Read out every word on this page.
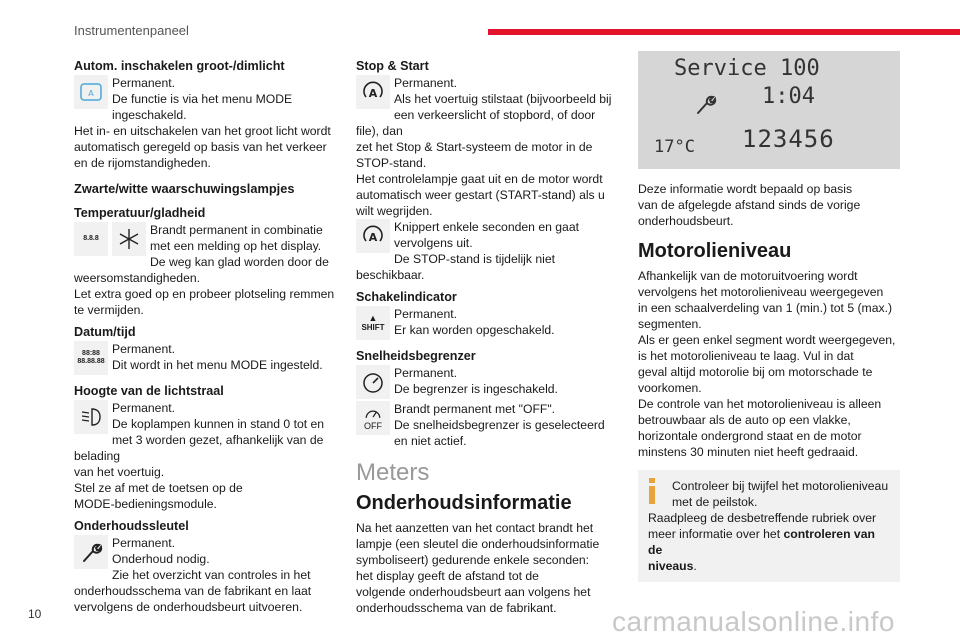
Instrumentenpaneel
Autom. inschakelen groot-/dimlicht
A
Permanent.
De functie is via het menu MODE
ingeschakeld.
Het in- en uitschakelen van het groot licht wordt
automatisch geregeld op basis van het verkeer
en de rijomstandigheden.
Zwarte/witte waarschuwingslampjes
Temperatuur/gladheid
8.8.8
Brandt permanent in combinatie
met een melding op het display.
De weg kan glad worden door de
weersomstandigheden.
Let extra goed op en probeer plotseling remmen
te vermijden.
Datum/tijd
88:88
88.88.88
Permanent.
Dit wordt in het menu MODE ingesteld.
Hoogte van de lichtstraal
Permanent.
De koplampen kunnen in stand 0 tot en
met 3 worden gezet, afhankelijk van de belading
van het voertuig.
Stel ze af met de toetsen op de
MODE-bedieningsmodule.
Onderhoudssleutel
Permanent.
Onderhoud nodig.
Zie het overzicht van controles in het
onderhoudsschema van de fabrikant en laat
vervolgens de onderhoudsbeurt uitvoeren.
Stop & Start
A
Permanent.
Als het voertuig stilstaat (bijvoorbeeld bij
een verkeerslicht of stopbord, of door file), dan
zet het Stop & Start-systeem de motor in de
STOP-stand.
Het controlelampje gaat uit en de motor wordt
automatisch weer gestart (START-stand) als u
wilt wegrijden.
A
Knippert enkele seconden en gaat
vervolgens uit.
De STOP-stand is tijdelijk niet beschikbaar.
Schakelindicator
▲
SHIFT
Permanent.
Er kan worden opgeschakeld.
Snelheidsbegrenzer
Permanent.
De begrenzer is ingeschakeld.
OFF
Brandt permanent met "OFF".
De snelheidsbegrenzer is geselecteerd
en niet actief.
Meters
Onderhoudsinformatie
Na het aanzetten van het contact brandt het
lampje (een sleutel die onderhoudsinformatie
symboliseert) gedurende enkele seconden:
het display geeft de afstand tot de
volgende onderhoudsbeurt aan volgens het
onderhoudsschema van de fabrikant.
Service 100
1:04
17°C 123456
Deze informatie wordt bepaald op basis
van de afgelegde afstand sinds de vorige
onderhoudsbeurt.
Motorolieniveau
Afhankelijk van de motoruitvoering wordt
vervolgens het motorolieniveau weergegeven
in een schaalverdeling van 1 (min.) tot 5 (max.)
segmenten.
Als er geen enkel segment wordt weergegeven,
is het motorolieniveau te laag. Vul in dat
geval altijd motorolie bij om motorschade te
voorkomen.
De controle van het motorolieniveau is alleen
betrouwbaar als de auto op een vlakke,
horizontale ondergrond staat en de motor
minstens 30 minuten niet heeft gedraaid.
Controleer bij twijfel het motorolieniveau
met de peilstok.
Raadpleeg de desbetreffende rubriek over
meer informatie over het controleren van de
niveaus.
10	carmanualsonline.info
